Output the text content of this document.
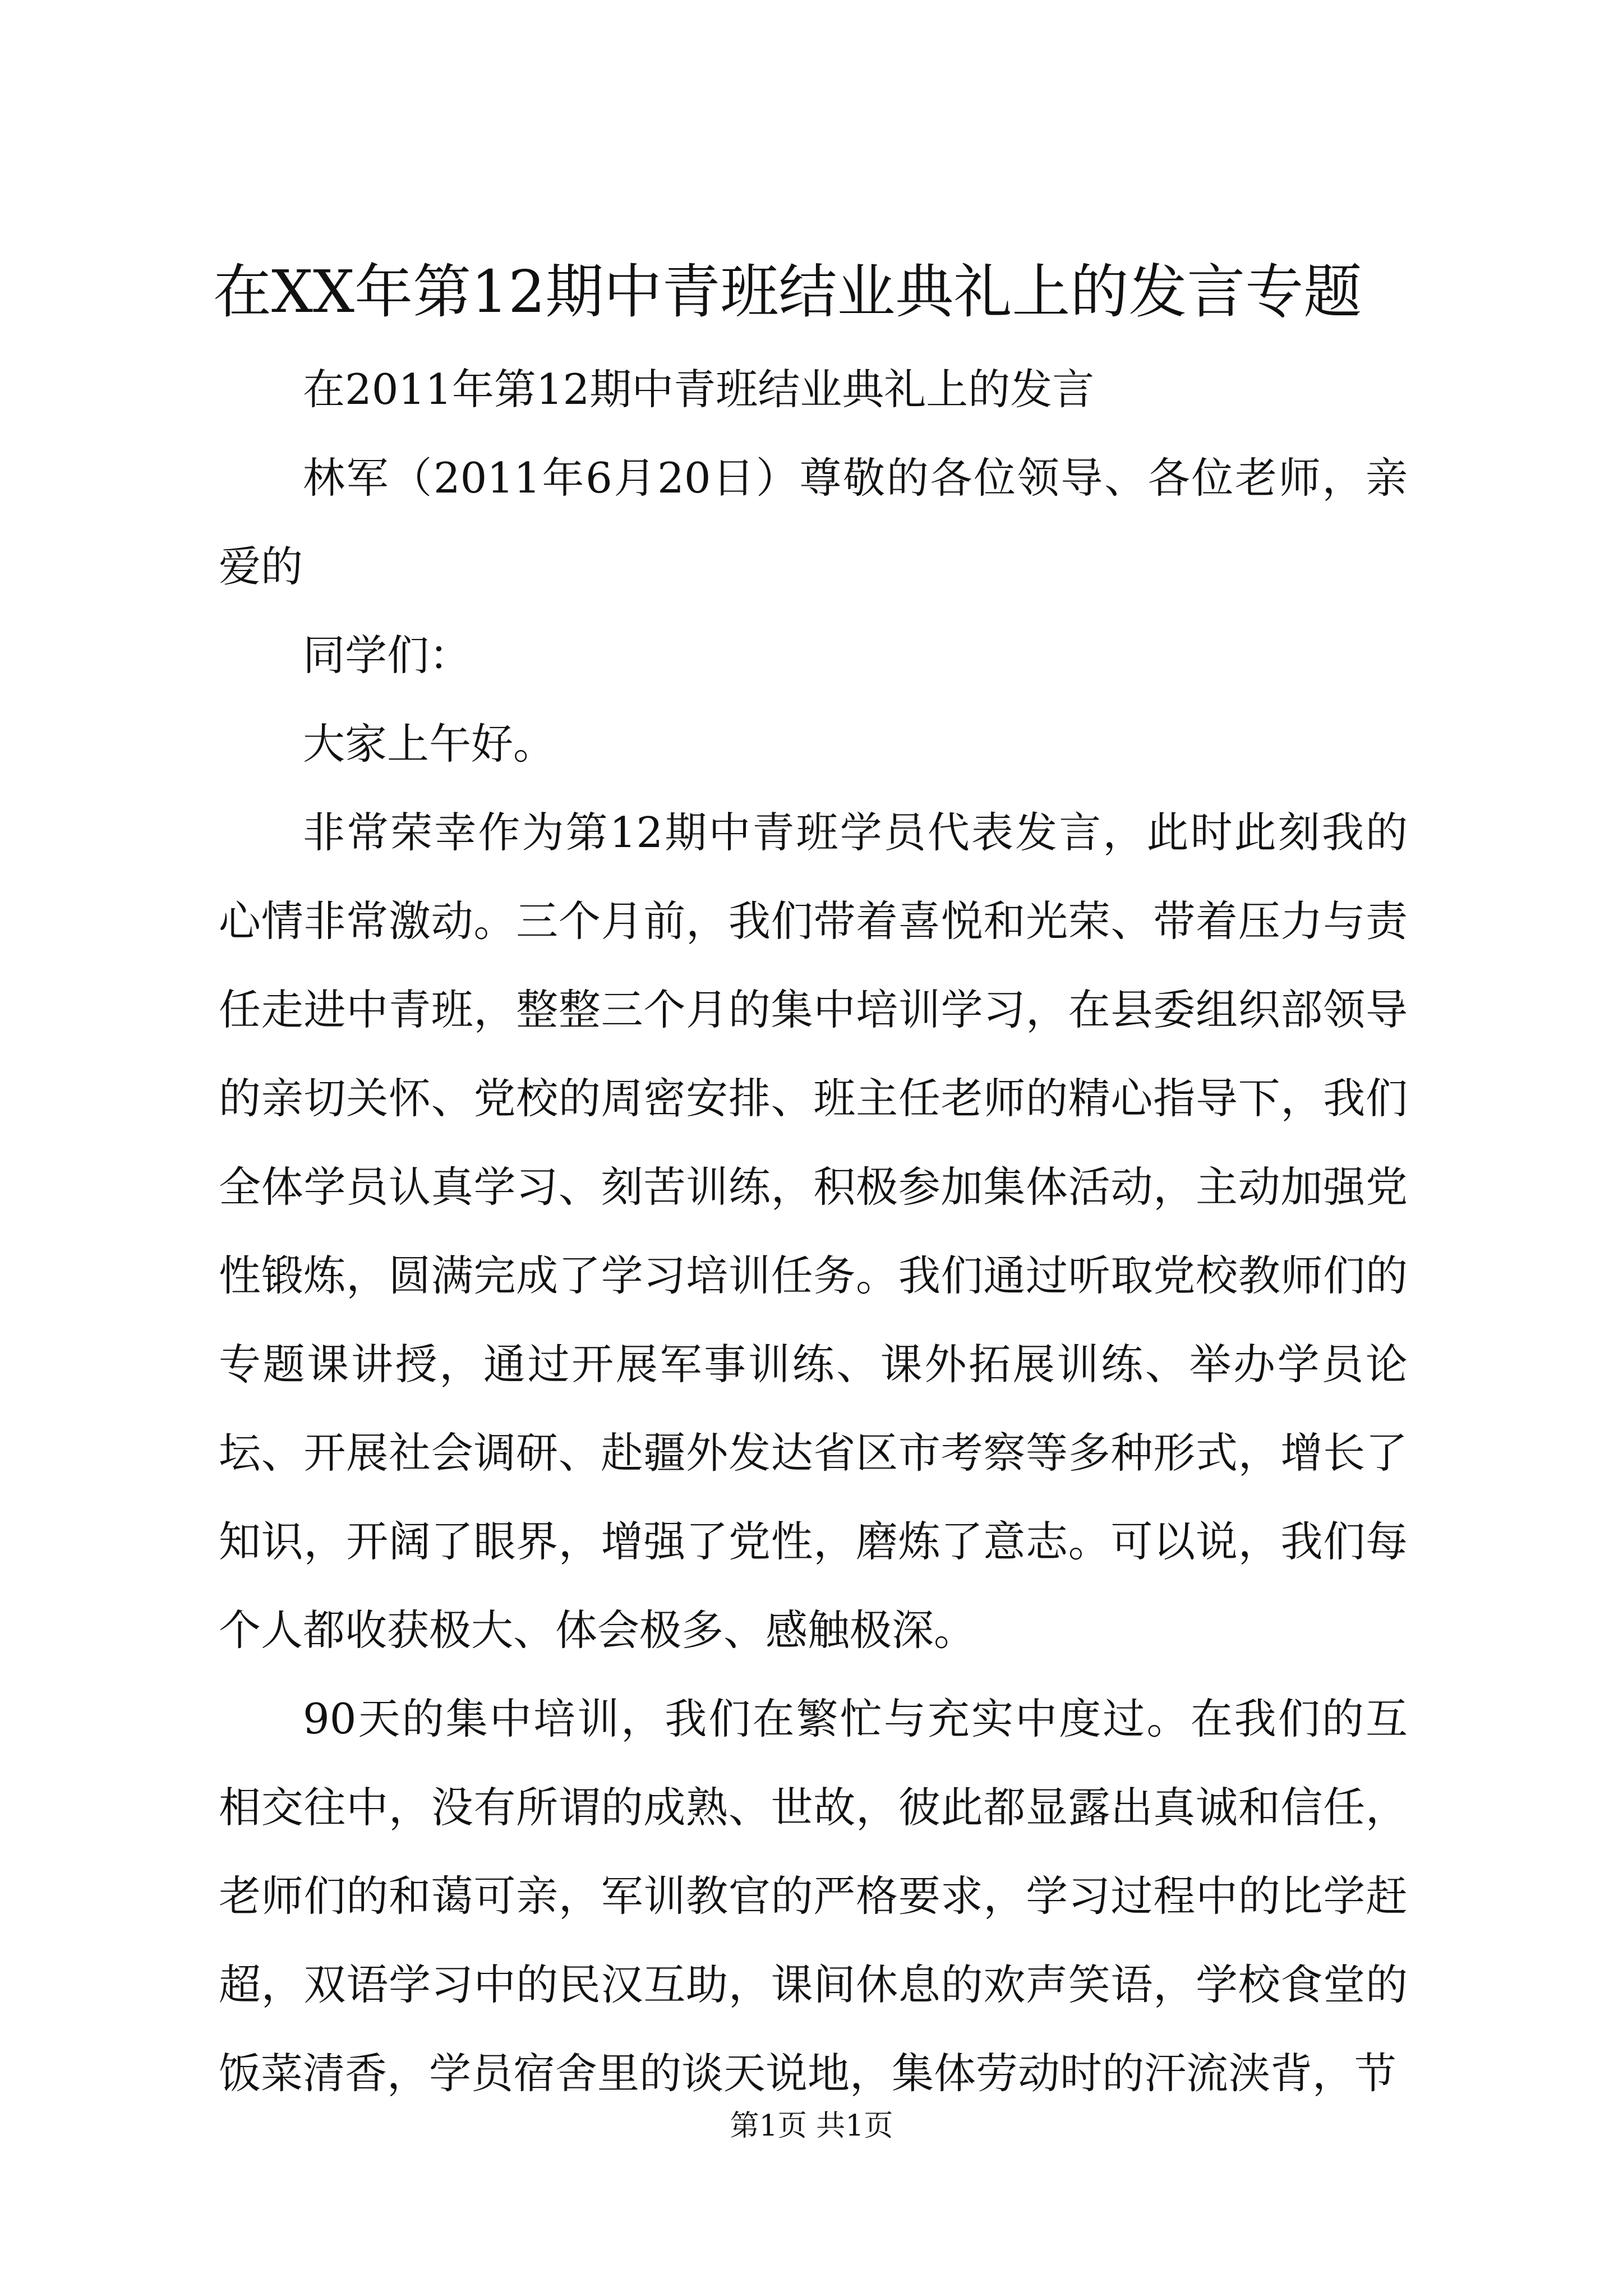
在XX年第12期中青班结业典礼上的发言专题

在2011年第12期中青班结业典礼上的发言

林军（2011年6月20日）尊敬的各位领导、各位老师，亲爱的

同学们：

大家上午好。

非常荣幸作为第12期中青班学员代表发言，此时此刻我的心情非常激动。三个月前，我们带着喜悦和光荣、带着压力与责任走进中青班，整整三个月的集中培训学习，在县委组织部领导的亲切关怀、党校的周密安排、班主任老师的精心指导下，我们全体学员认真学习、刻苦训练，积极参加集体活动，主动加强党性锻炼，圆满完成了学习培训任务。我们通过听取党校教师们的专题课讲授，通过开展军事训练、课外拓展训练、举办学员论坛、开展社会调研、赴疆外发达省区市考察等多种形式，增长了知识，开阔了眼界，增强了党性，磨炼了意志。可以说，我们每个人都收获极大、体会极多、感触极深。

90天的集中培训，我们在繁忙与充实中度过。在我们的互相交往中，没有所谓的成熟、世故，彼此都显露出真诚和信任，老师们的和蔼可亲，军训教官的严格要求，学习过程中的比学赶超，双语学习中的民汉互助，课间休息的欢声笑语，学校食堂的饭菜清香，学员宿舍里的谈天说地，集体劳动时的汗流浃背，节

第1页 共1页
